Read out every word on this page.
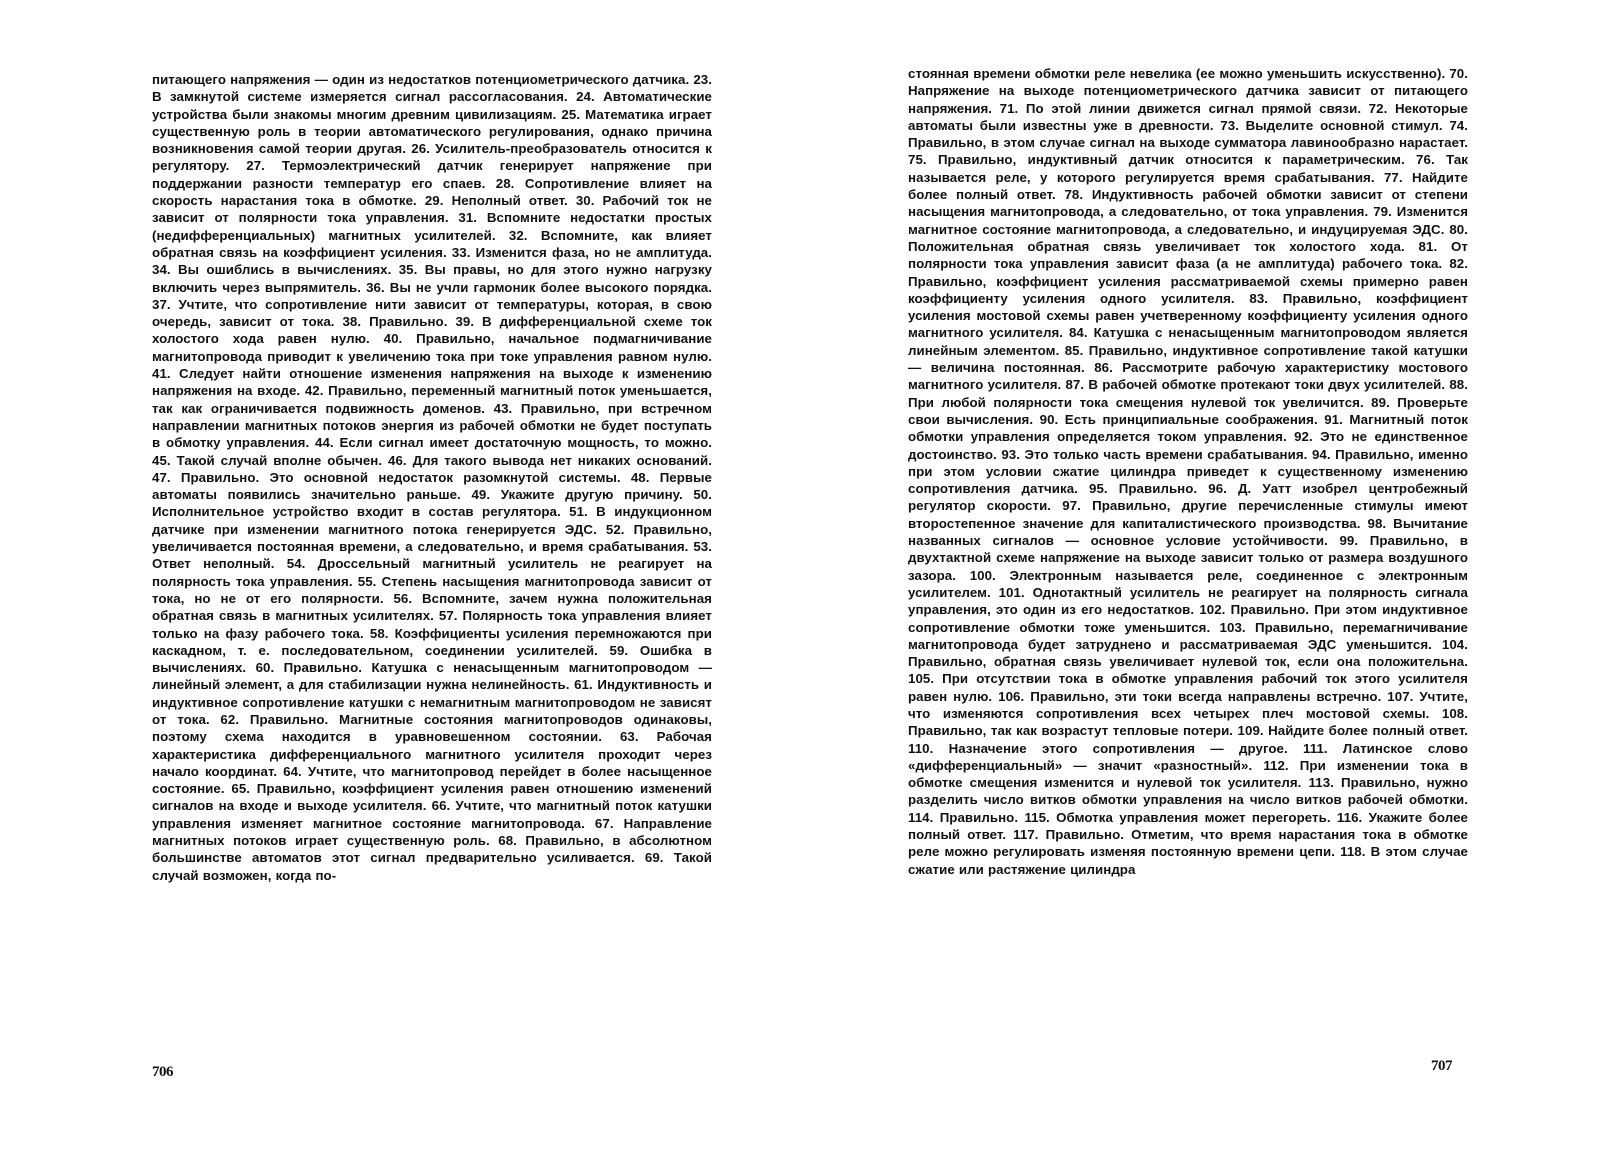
питающего напряжения — один из недостатков потенциометрического датчика. 23. В замкнутой системе измеряется сигнал рассогласования. 24. Автоматические устройства были знакомы многим древним цивилизациям. 25. Математика играет существенную роль в теории автоматического регулирования, однако причина возникновения самой теории другая. 26. Усилитель-преобразователь относится к регулятору. 27. Термоэлектрический датчик генерирует напряжение при поддержании разности температур его спаев. 28. Сопротивление влияет на скорость нарастания тока в обмотке. 29. Неполный ответ. 30. Рабочий ток не зависит от полярности тока управления. 31. Вспомните недостатки простых (недифференциальных) магнитных усилителей. 32. Вспомните, как влияет обратная связь на коэффициент усиления. 33. Изменится фаза, но не амплитуда. 34. Вы ошиблись в вычислениях. 35. Вы правы, но для этого нужно нагрузку включить через выпрямитель. 36. Вы не учли гармоник более высокого порядка. 37. Учтите, что сопротивление нити зависит от температуры, которая, в свою очередь, зависит от тока. 38. Правильно. 39. В дифференциальной схеме ток холостого хода равен нулю. 40. Правильно, начальное подмагничивание магнитопровода приводит к увеличению тока при токе управления равном нулю. 41. Следует найти отношение изменения напряжения на выходе к изменению напряжения на входе. 42. Правильно, переменный магнитный поток уменьшается, так как ограничивается подвижность доменов. 43. Правильно, при встречном направлении магнитных потоков энергия из рабочей обмотки не будет поступать в обмотку управления. 44. Если сигнал имеет достаточную мощность, то можно. 45. Такой случай вполне обычен. 46. Для такого вывода нет никаких оснований. 47. Правильно. Это основной недостаток разомкнутой системы. 48. Первые автоматы появились значительно раньше. 49. Укажите другую причину. 50. Исполнительное устройство входит в состав регулятора. 51. В индукционном датчике при изменении магнитного потока генерируется ЭДС. 52. Правильно, увеличивается постоянная времени, а следовательно, и время срабатывания. 53. Ответ неполный. 54. Дроссельный магнитный усилитель не реагирует на полярность тока управления. 55. Степень насыщения магнитопровода зависит от тока, но не от его полярности. 56. Вспомните, зачем нужна положительная обратная связь в магнитных усилителях. 57. Полярность тока управления влияет только на фазу рабочего тока. 58. Коэффициенты усиления перемножаются при каскадном, т. е. последовательном, соединении усилителей. 59. Ошибка в вычислениях. 60. Правильно. Катушка с ненасыщенным магнитопроводом — линейный элемент, а для стабилизации нужна нелинейность. 61. Индуктивность и индуктивное сопротивление катушки с немагнитным магнитопроводом не зависят от тока. 62. Правильно. Магнитные состояния магнитопроводов одинаковы, поэтому схема находится в уравновешенном состоянии. 63. Рабочая характеристика дифференциального магнитного усилителя проходит через начало координат. 64. Учтите, что магнитопровод перейдет в более насыщенное состояние. 65. Правильно, коэффициент усиления равен отношению изменений сигналов на входе и выходе усилителя. 66. Учтите, что магнитный поток катушки управления изменяет магнитное состояние магнитопровода. 67. Направление магнитных потоков играет существенную роль. 68. Правильно, в абсолютном большинстве автоматов этот сигнал предварительно усиливается. 69. Такой случай возможен, когда по-
706
стоянная времени обмотки реле невелика (ее можно уменьшить искусственно). 70. Напряжение на выходе потенциометрического датчика зависит от питающего напряжения. 71. По этой линии движется сигнал прямой связи. 72. Некоторые автоматы были известны уже в древности. 73. Выделите основной стимул. 74. Правильно, в этом случае сигнал на выходе сумматора лавинообразно нарастает. 75. Правильно, индуктивный датчик относится к параметрическим. 76. Так называется реле, у которого регулируется время срабатывания. 77. Найдите более полный ответ. 78. Индуктивность рабочей обмотки зависит от степени насыщения магнитопровода, а следовательно, от тока управления. 79. Изменится магнитное состояние магнитопровода, а следовательно, и индуцируемая ЭДС. 80. Положительная обратная связь увеличивает ток холостого хода. 81. От полярности тока управления зависит фаза (а не амплитуда) рабочего тока. 82. Правильно, коэффициент усиления рассматриваемой схемы примерно равен коэффициенту усиления одного усилителя. 83. Правильно, коэффициент усиления мостовой схемы равен учетверенному коэффициенту усиления одного магнитного усилителя. 84. Катушка с ненасыщенным магнитопроводом является линейным элементом. 85. Правильно, индуктивное сопротивление такой катушки — величина постоянная. 86. Рассмотрите рабочую характеристику мостового магнитного усилителя. 87. В рабочей обмотке протекают токи двух усилителей. 88. При любой полярности тока смещения нулевой ток увеличится. 89. Проверьте свои вычисления. 90. Есть принципиальные соображения. 91. Магнитный поток обмотки управления определяется током управления. 92. Это не единственное достоинство. 93. Это только часть времени срабатывания. 94. Правильно, именно при этом условии сжатие цилиндра приведет к существенному изменению сопротивления датчика. 95. Правильно. 96. Д. Уатт изобрел центробежный регулятор скорости. 97. Правильно, другие перечисленные стимулы имеют второстепенное значение для капиталистического производства. 98. Вычитание названных сигналов — основное условие устойчивости. 99. Правильно, в двухтактной схеме напряжение на выходе зависит только от размера воздушного зазора. 100. Электронным называется реле, соединенное с электронным усилителем. 101. Однотактный усилитель не реагирует на полярность сигнала управления, это один из его недостатков. 102. Правильно. При этом индуктивное сопротивление обмотки тоже уменьшится. 103. Правильно, перемагничивание магнитопровода будет затруднено и рассматриваемая ЭДС уменьшится. 104. Правильно, обратная связь увеличивает нулевой ток, если она положительна. 105. При отсутствии тока в обмотке управления рабочий ток этого усилителя равен нулю. 106. Правильно, эти токи всегда направлены встречно. 107. Учтите, что изменяются сопротивления всех четырех плеч мостовой схемы. 108. Правильно, так как возрастут тепловые потери. 109. Найдите более полный ответ. 110. Назначение этого сопротивления — другое. 111. Латинское слово «дифференциальный» — значит «разностный». 112. При изменении тока в обмотке смещения изменится и нулевой ток усилителя. 113. Правильно, нужно разделить число витков обмотки управления на число витков рабочей обмотки. 114. Правильно. 115. Обмотка управления может перегореть. 116. Укажите более полный ответ. 117. Правильно. Отметим, что время нарастания тока в обмотке реле можно регулировать изменяя постоянную времени цепи. 118. В этом случае сжатие или растяжение цилиндра
707
